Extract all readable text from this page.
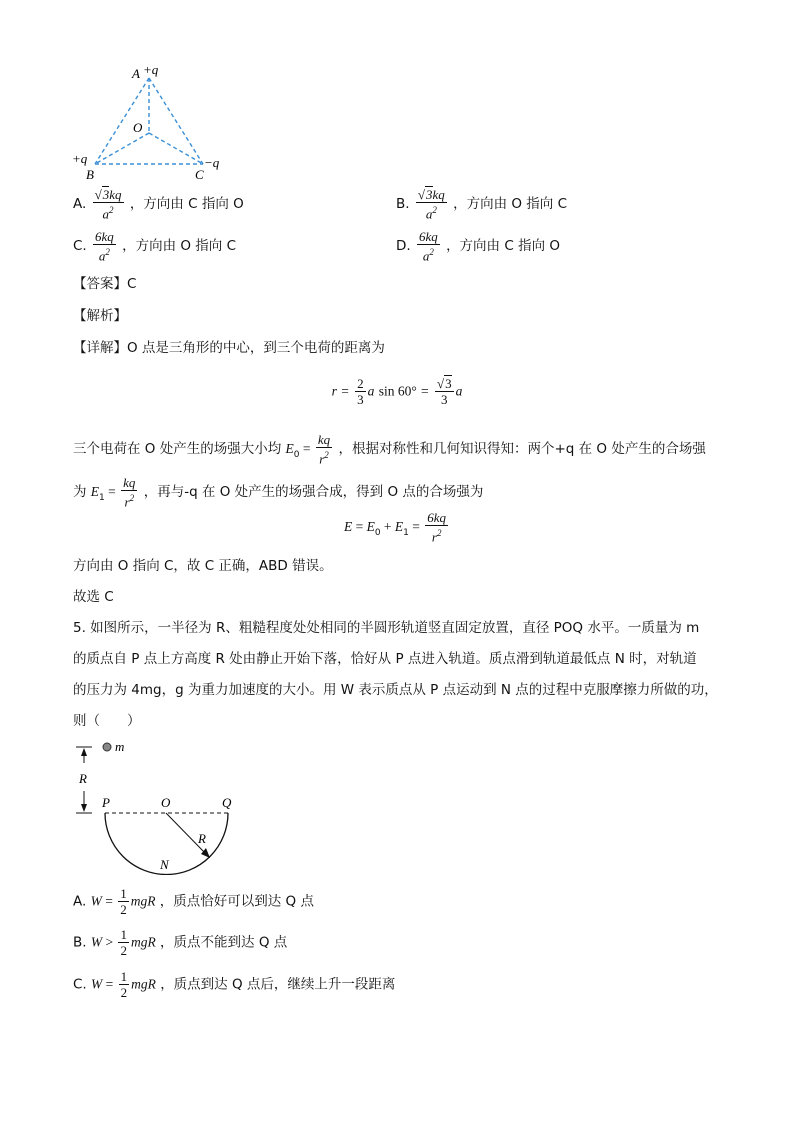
A +q
O
+q
B
−q
C
A. $\frac{√3kq}{a^2}$ ，方向由 C 指向 O	B. $\frac{√3kq}{a^2}$ ，方向由 O 指向 C
C. $\frac{6kq}{a^2}$ ，方向由 O 指向 C	D. $\frac{6kq}{a^2}$ ，方向由 C 指向 O
【答案】C
【解析】
【详解】O 点是三角形的中心，到三个电荷的距离为
$r = \frac{2}{3}$ a $\sin 60^\circ = \frac{√3}{3}$ a
三个电荷在 O 处产生的场强大小均 $E_0 = \frac{kq}{r^2}$ ，根据对称性和几何知识得知：两个+q 在 O 处产生的合场强
为 $E_1 = \frac{kq}{r^2}$ ，再与-q 在 O 处产生的场强合成，得到 O 点的合场强为
$E = E_0 + E_1 = \frac{6kq}{r^2}$
方向由 O 指向 C，故 C 正确，ABD 错误。
故选 C
5. 如图所示，一半径为 R、粗糙程度处处相同的半圆形轨道竖直固定放置，直径 POQ 水平。一质量为 m
的质点自 P 点上方高度 R 处由静止开始下落，恰好从 P 点进入轨道。质点滑到轨道最低点 N 时，对轨道
的压力为 4mg，g 为重力加速度的大小。用 W 表示质点从 P 点运动到 N 点的过程中克服摩擦力所做的功，
则（　　）
R
m
P	O	Q
R
N
A. $W = \frac{1}{2}$ mgR ，质点恰好可以到达 Q 点
B. $W > \frac{1}{2}$ mgR ，质点不能到达 Q 点
C. $W = \frac{1}{2}$ mgR ，质点到达 Q 点后，继续上升一段距离
